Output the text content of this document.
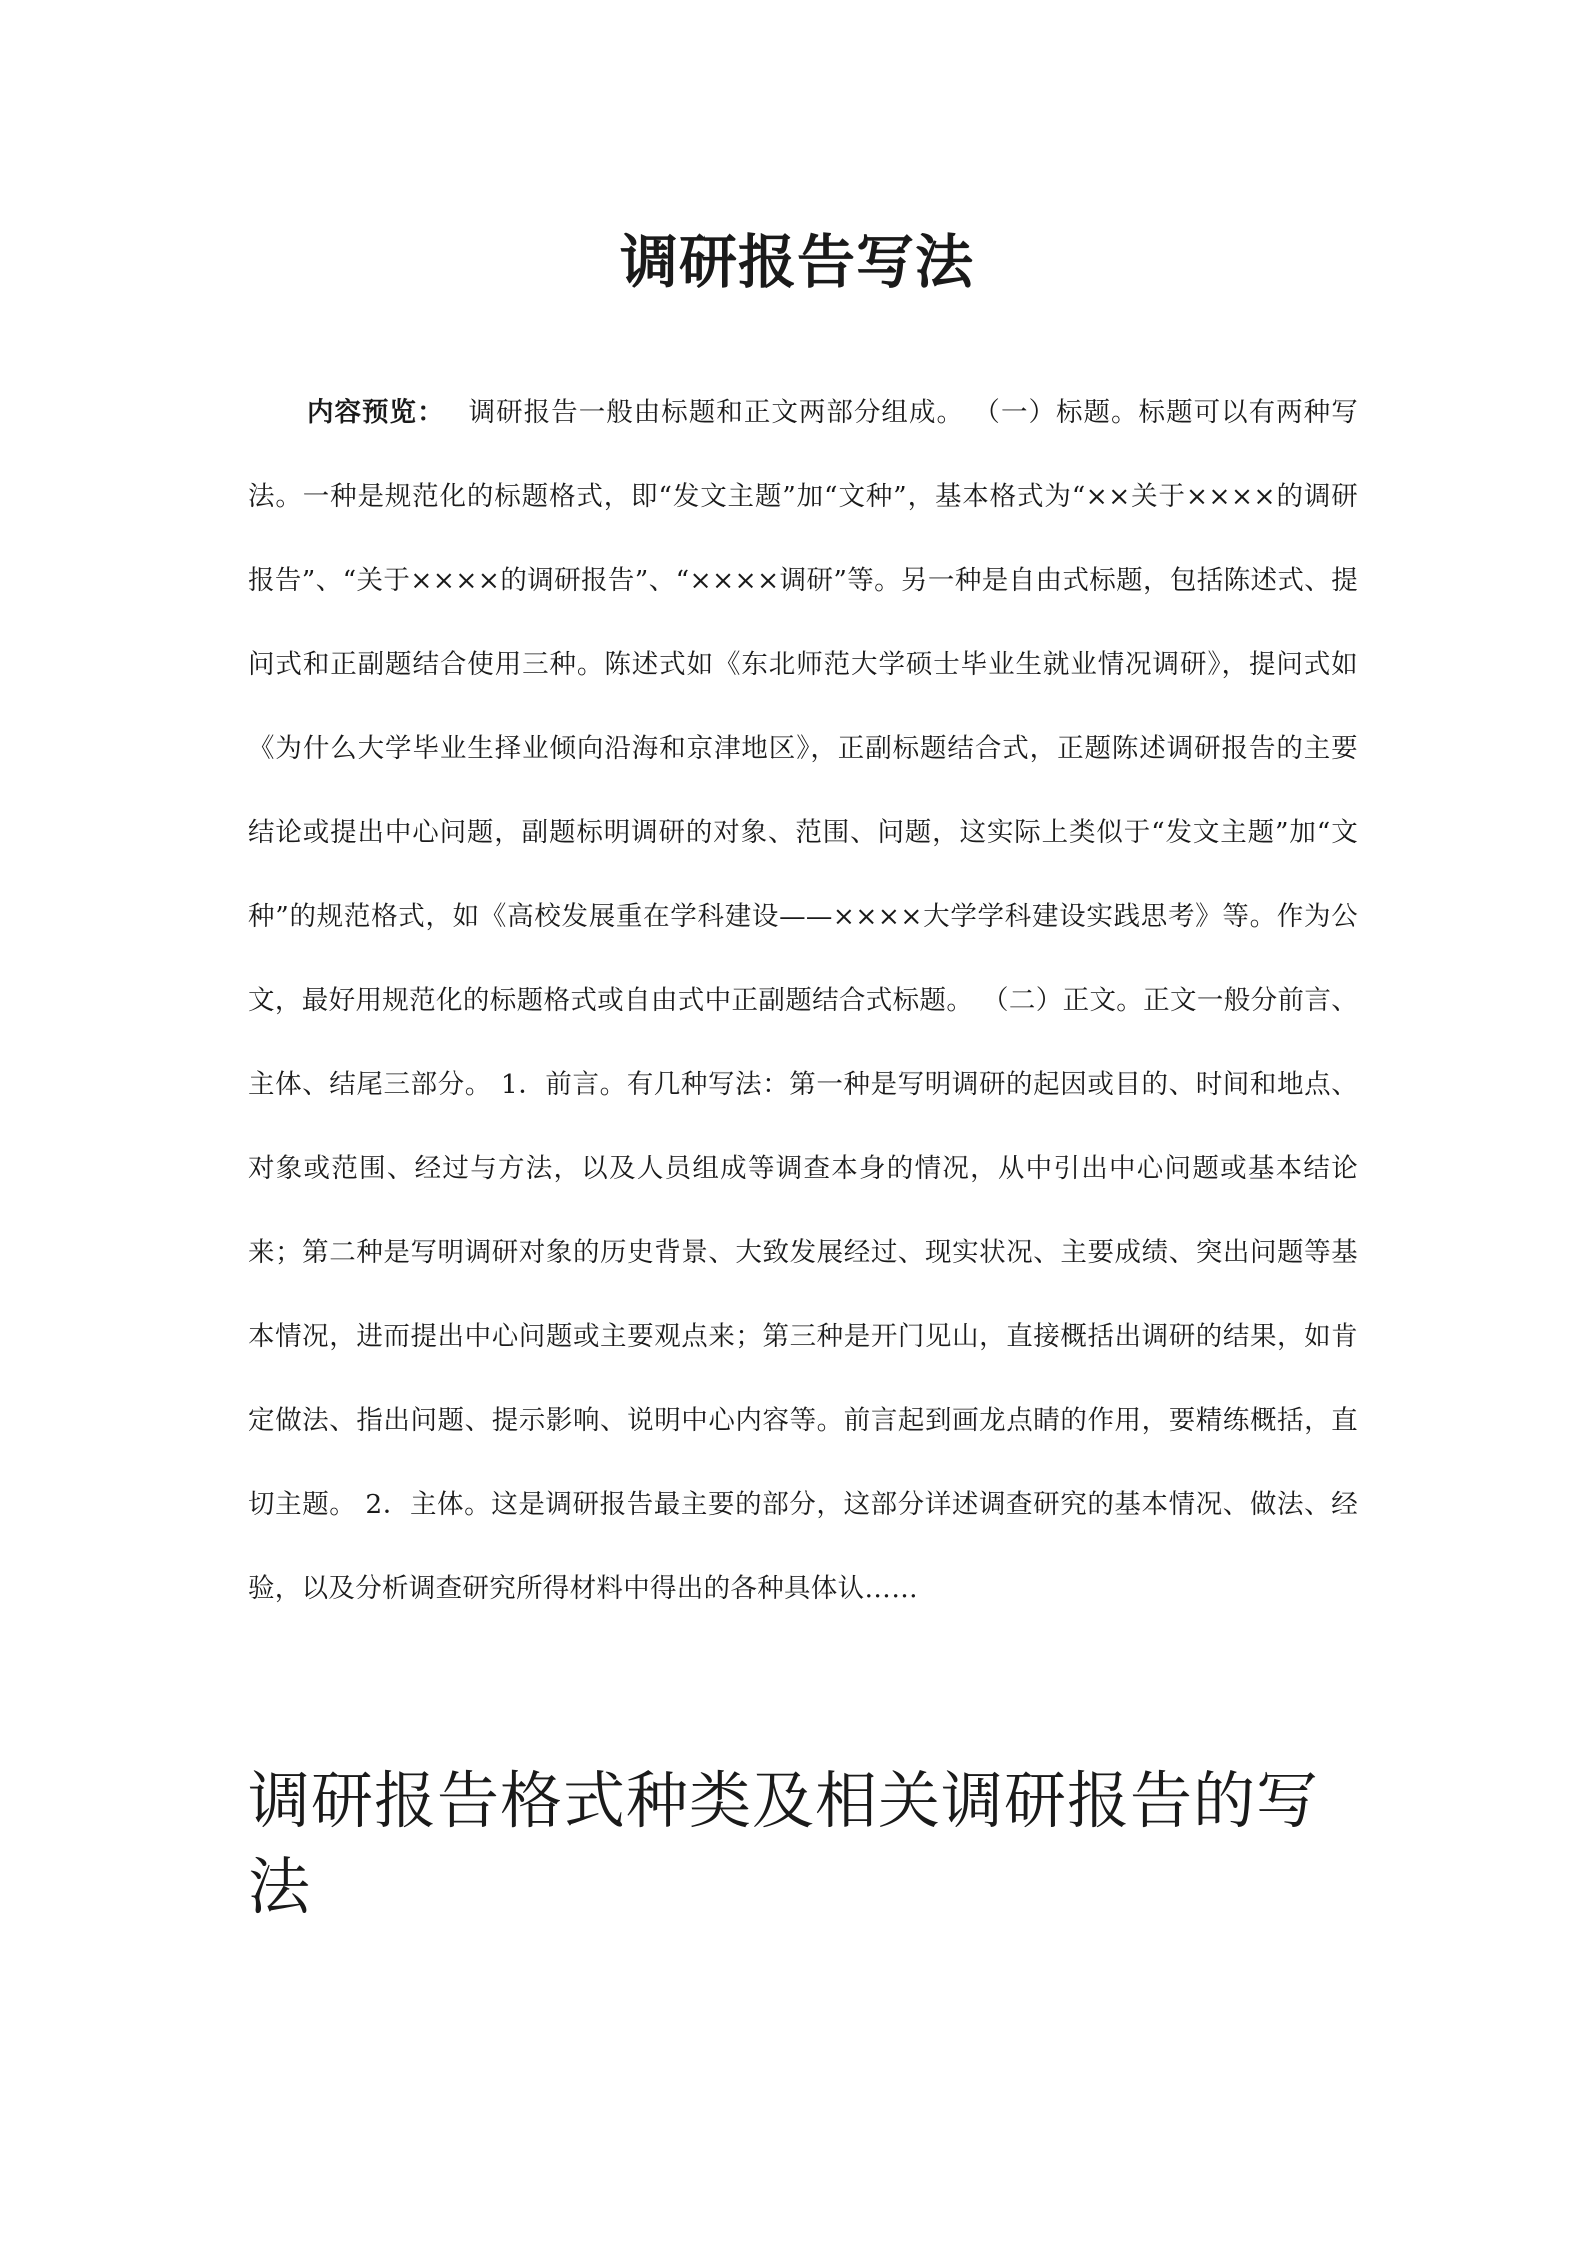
调研报告写法

内容预览： 调研报告一般由标题和正文两部分组成。 （一）标题。标题可以有两种写法。一种是规范化的标题格式，即“发文主题”加“文种”，基本格式为“××关于××××的调研报告”、“关于××××的调研报告”、“××××调研”等。另一种是自由式标题，包括陈述式、提问式和正副题结合使用三种。陈述式如《东北师范大学硕士毕业生就业情况调研》，提问式如《为什么大学毕业生择业倾向沿海和京津地区》，正副标题结合式，正题陈述调研报告的主要结论或提出中心问题，副题标明调研的对象、范围、问题，这实际上类似于“发文主题”加“文种”的规范格式，如《高校发展重在学科建设——××××大学学科建设实践思考》等。作为公文，最好用规范化的标题格式或自由式中正副题结合式标题。 （二）正文。正文一般分前言、主体、结尾三部分。 1．前言。有几种写法：第一种是写明调研的起因或目的、时间和地点、对象或范围、经过与方法，以及人员组成等调查本身的情况，从中引出中心问题或基本结论来；第二种是写明调研对象的历史背景、大致发展经过、现实状况、主要成绩、突出问题等基本情况，进而提出中心问题或主要观点来；第三种是开门见山，直接概括出调研的结果，如肯定做法、指出问题、提示影响、说明中心内容等。前言起到画龙点睛的作用，要精练概括，直切主题。 2．主体。这是调研报告最主要的部分，这部分详述调查研究的基本情况、做法、经验，以及分析调查研究所得材料中得出的各种具体认……

调研报告格式种类及相关调研报告的写法
